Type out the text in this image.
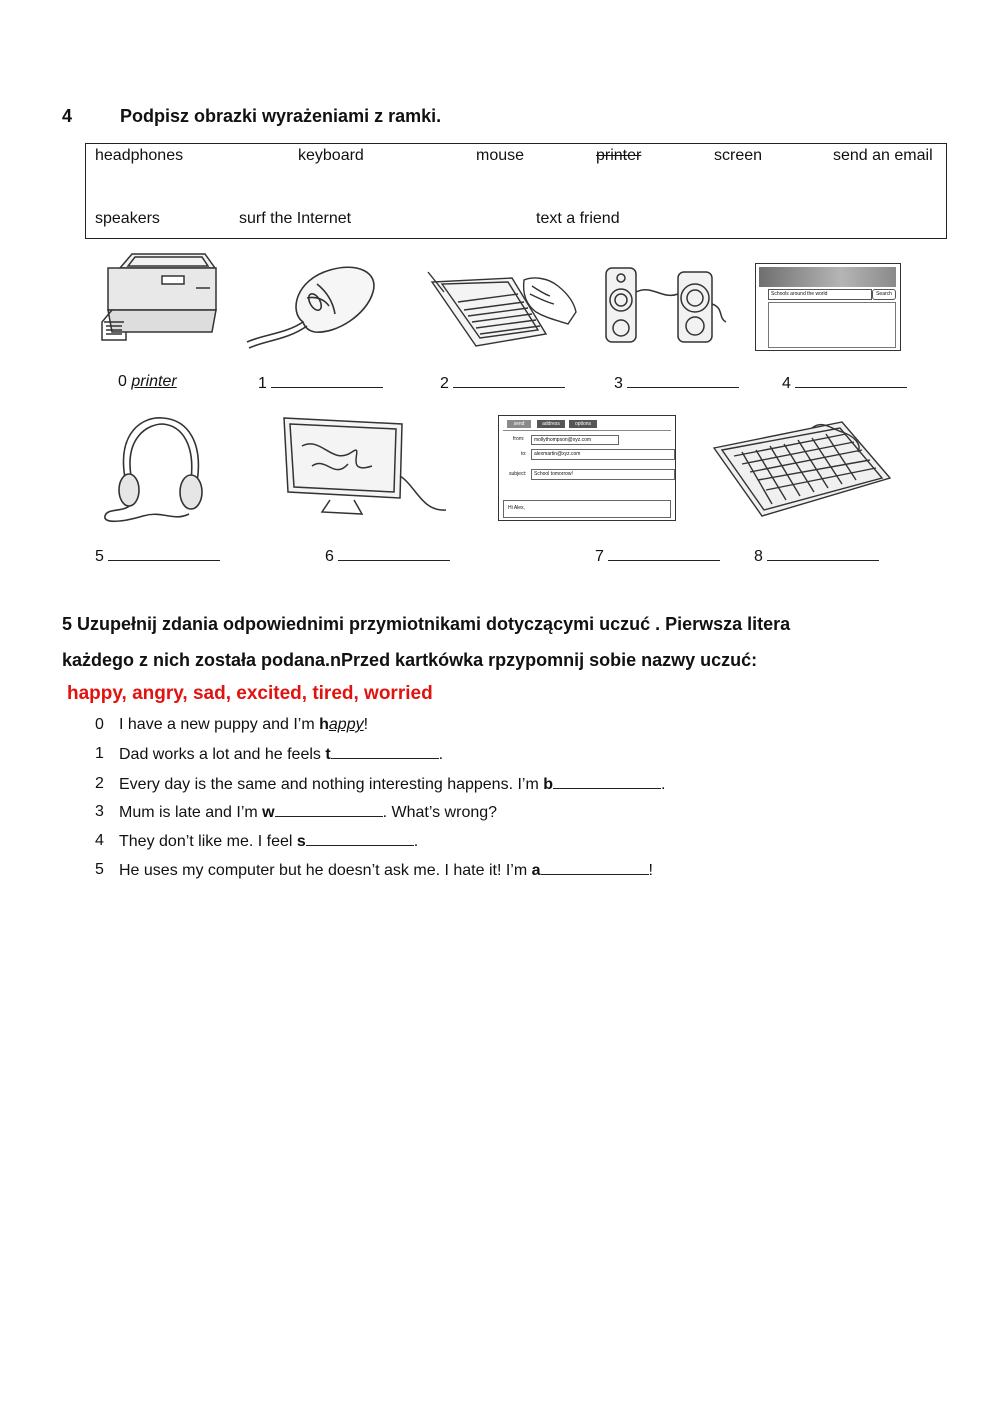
4	Podpisz obrazki wyrażeniami z ramki.
headphones	keyboard	mouse	printer	screen	send an email
speakers	surf the Internet	text a friend
Schools around the world	Search
0 printer	1	2	3	4
send	address	options
from:	mollythompson@xyz.com
to:	alexmartin@xyz.com
subject:	School tomorrow!
Hi Alex,
5	6	7	8
5 Uzupełnij zdania odpowiednimi przymiotnikami dotyczącymi uczuć . Pierwsza litera
każdego z nich została podana.nPrzed kartkówka rpzypomnij sobie nazwy uczuć:
happy, angry, sad, excited, tired, worried
0 I have a new puppy and I’m happy!
1 Dad works a lot and he feels t	.
2 Every day is the same and nothing interesting happens. I’m b	.
3 Mum is late and I’m w	. What’s wrong?
4 They don’t like me. I feel s	.
5 He uses my computer but he doesn’t ask me. I hate it! I’m a	!
